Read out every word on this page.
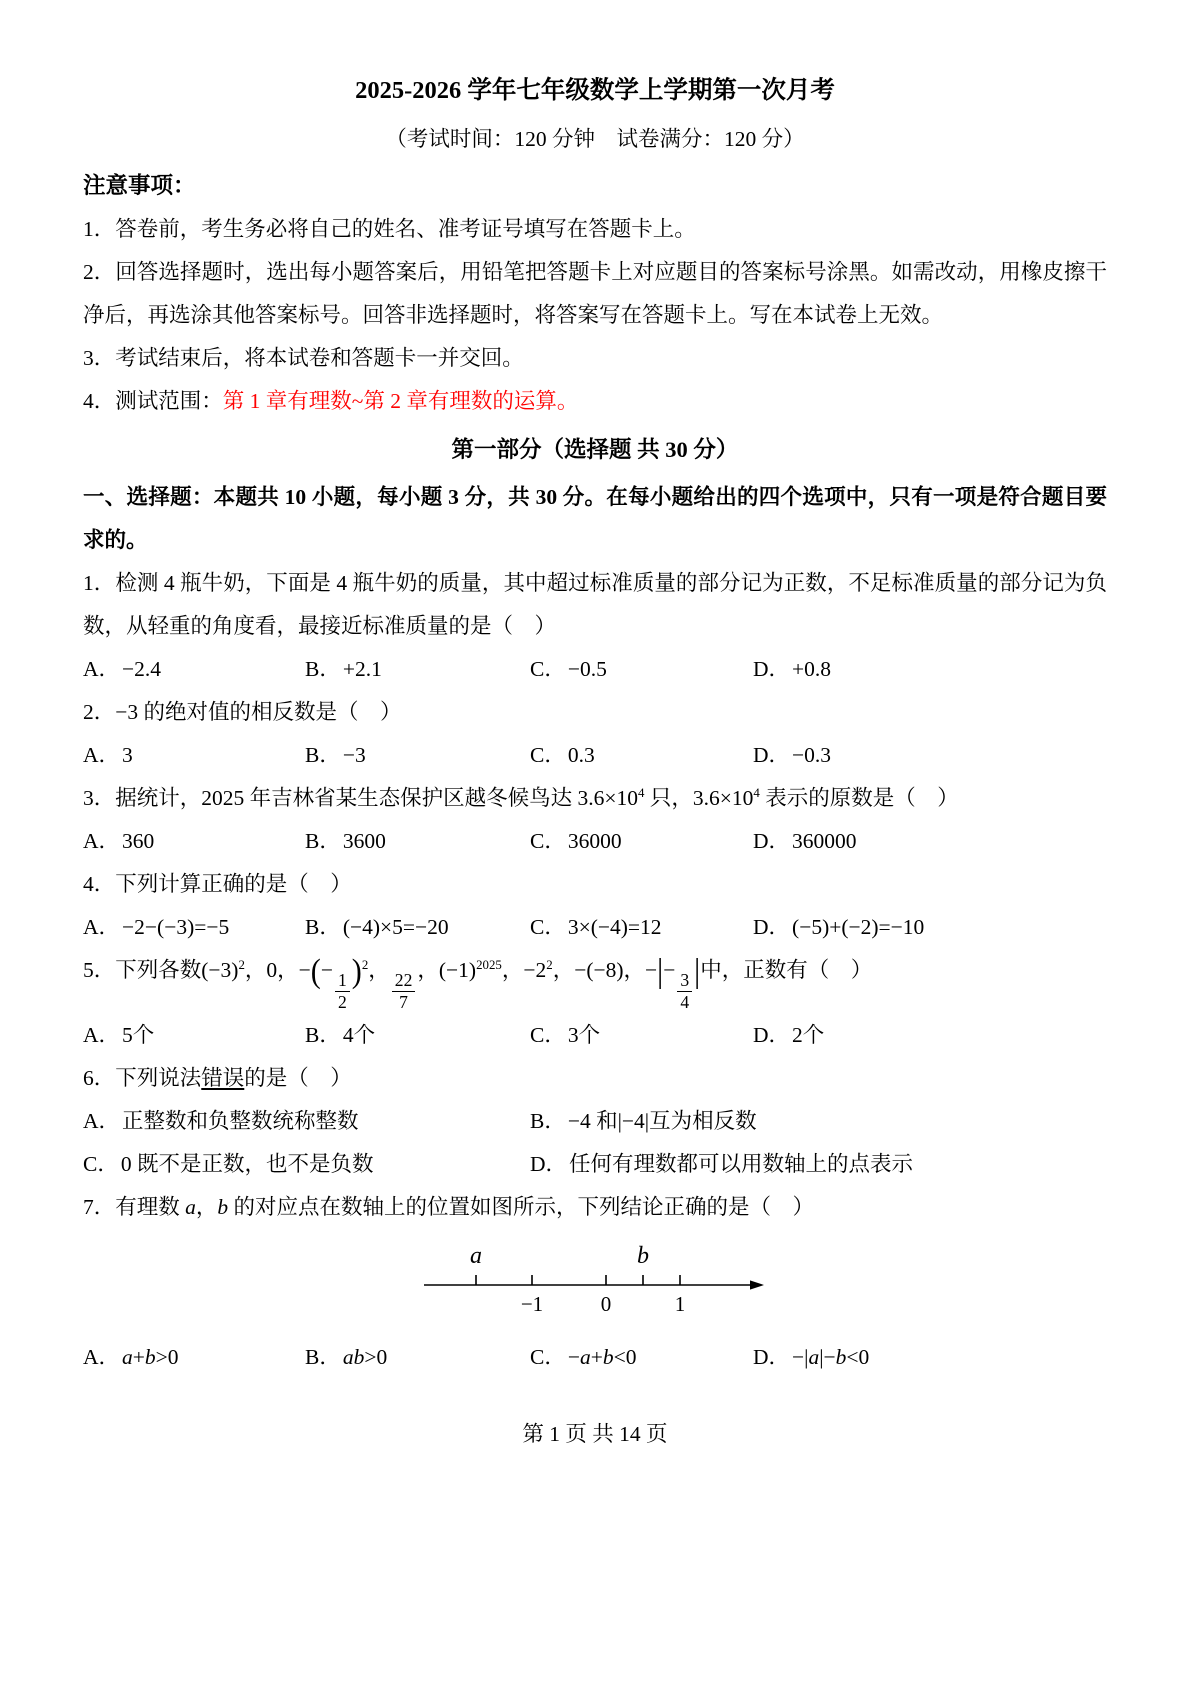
2025-2026 学年七年级数学上学期第一次月考

（考试时间：120 分钟　试卷满分：120 分）

注意事项：

1．答卷前，考生务必将自己的姓名、准考证号填写在答题卡上。

2．回答选择题时，选出每小题答案后，用铅笔把答题卡上对应题目的答案标号涂黑。如需改动，用橡皮擦干净后，再选涂其他答案标号。回答非选择题时，将答案写在答题卡上。写在本试卷上无效。

3．考试结束后，将本试卷和答题卡一并交回。

4．测试范围：第 1 章有理数~第 2 章有理数的运算。

第一部分（选择题 共 30 分）

一、选择题：本题共 10 小题，每小题 3 分，共 30 分。在每小题给出的四个选项中，只有一项是符合题目要求的。

1．检测 4 瓶牛奶，下面是 4 瓶牛奶的质量，其中超过标准质量的部分记为正数，不足标准质量的部分记为负数，从轻重的角度看，最接近标准质量的是（　）

A．−2.4	B．+2.1	C．−0.5	D．+0.8

2．−3 的绝对值的相反数是（　）

A．3	B．−3	C．0.3	D．−0.3

3．据统计，2025 年吉林省某生态保护区越冬候鸟达 $3.6\times 10^4$ 只，$3.6\times 10^4$ 表示的原数是（　）

A．360	B．3600	C．36000	D．360000

4．下列计算正确的是（　）

A．−2−(−3)=−5	B．(−4)×5=−20	C．3×(−4)=12	D．(−5)+(−2)=−10

5．下列各数$(-3)^2$，0，−(−
$\frac{1}{2} )^2$，
$\frac{22}{7}$
，$(-1)^{2025}$，$-2^2$，−(−8)，−|−
$\frac{3}{4}$ |中，正数有（　）

A．5个	B．4个	C．3个	D．2个

6．下列说法错误的是（　）

A．正整数和负整数统称整数	B．−4 和|−4|互为相反数

C．0 既不是正数，也不是负数	D．任何有理数都可以用数轴上的点表示

7．有理数 a，b 的对应点在数轴上的位置如图所示，下列结论正确的是（　）

a	b
−1	0	1

A．a+b>0	B．ab>0	C．−a+b<0	D．−|a|−b<0

第 1 页 共 14 页
